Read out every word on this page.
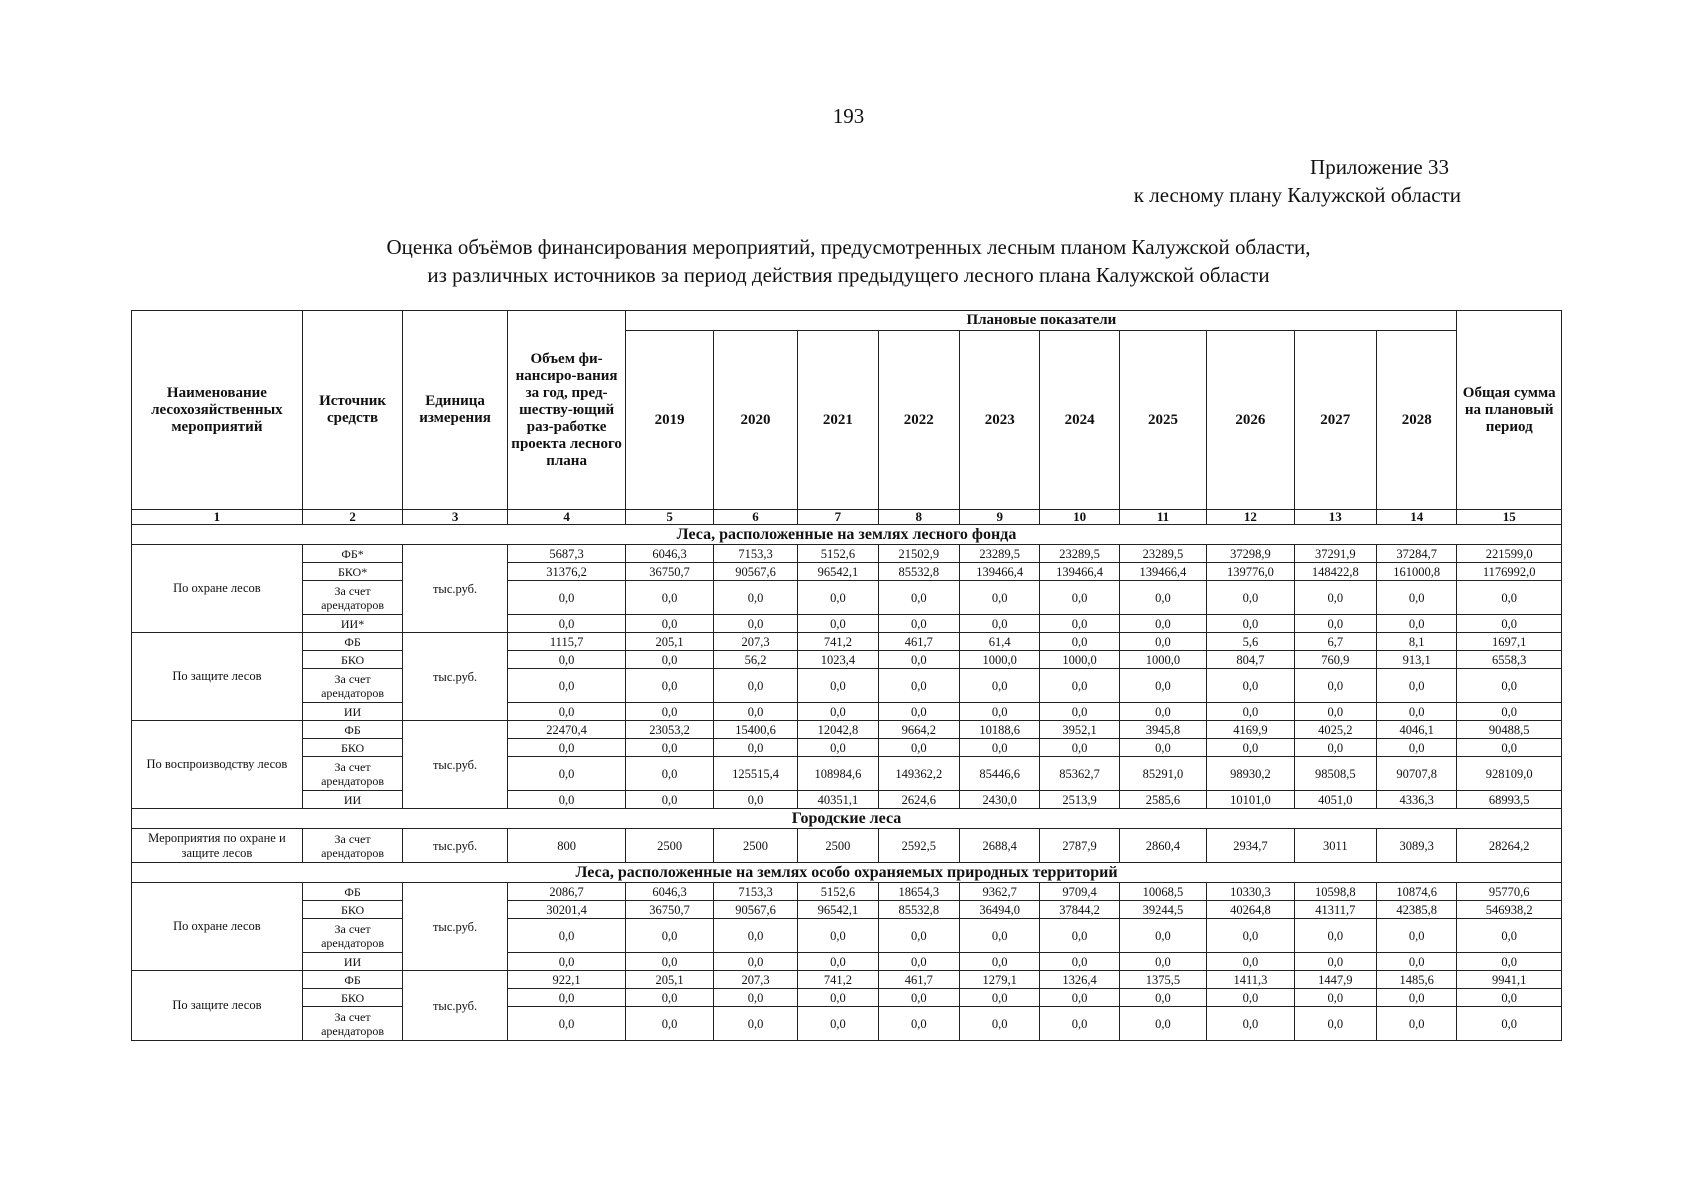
193
Приложение 33
к лесному плану Калужской области
Оценка объёмов финансирования мероприятий, предусмотренных лесным планом Калужской области,
из различных источников за период действия предыдущего лесного плана Калужской области
Наименование лесохозяйственных мероприятий	Источник средств	Единица измерения	Объем фи-нансиро-вания за год, пред-шеству-ющий раз-работке проекта лесного плана	Плановые показатели										Общая сумма на плановый период
				2019	2020	2021	2022	2023	2024	2025	2026	2027	2028	
1	2	3	4	5	6	7	8	9	10	11	12	13	14	15
Леса, расположенные на землях лесного фонда														
По охране лесов	ФБ*	тыс.руб.	5687,3	6046,3	7153,3	5152,6	21502,9	23289,5	23289,5	23289,5	37298,9	37291,9	37284,7	221599,0
	БКО*		31376,2	36750,7	90567,6	96542,1	85532,8	139466,4	139466,4	139466,4	139776,0	148422,8	161000,8	1176992,0
	За счет арендаторов		0,0	0,0	0,0	0,0	0,0	0,0	0,0	0,0	0,0	0,0	0,0	0,0
	ИИ*		0,0	0,0	0,0	0,0	0,0	0,0	0,0	0,0	0,0	0,0	0,0	0,0
По защите лесов	ФБ	тыс.руб.	1115,7	205,1	207,3	741,2	461,7	61,4	0,0	0,0	5,6	6,7	8,1	1697,1
	БКО		0,0	0,0	56,2	1023,4	0,0	1000,0	1000,0	1000,0	804,7	760,9	913,1	6558,3
	За счет арендаторов		0,0	0,0	0,0	0,0	0,0	0,0	0,0	0,0	0,0	0,0	0,0	0,0
	ИИ		0,0	0,0	0,0	0,0	0,0	0,0	0,0	0,0	0,0	0,0	0,0	0,0
По воспроизводству лесов	ФБ	тыс.руб.	22470,4	23053,2	15400,6	12042,8	9664,2	10188,6	3952,1	3945,8	4169,9	4025,2	4046,1	90488,5
	БКО		0,0	0,0	0,0	0,0	0,0	0,0	0,0	0,0	0,0	0,0	0,0	0,0
	За счет арендаторов		0,0	0,0	125515,4	108984,6	149362,2	85446,6	85362,7	85291,0	98930,2	98508,5	90707,8	928109,0
	ИИ		0,0	0,0	0,0	40351,1	2624,6	2430,0	2513,9	2585,6	10101,0	4051,0	4336,3	68993,5
Городские леса														
Мероприятия по охране и защите лесов	За счет арендаторов	тыс.руб.	800	2500	2500	2500	2592,5	2688,4	2787,9	2860,4	2934,7	3011	3089,3	28264,2
Леса, расположенные на землях особо охраняемых природных территорий														
По охране лесов	ФБ	тыс.руб.	2086,7	6046,3	7153,3	5152,6	18654,3	9362,7	9709,4	10068,5	10330,3	10598,8	10874,6	95770,6
	БКО		30201,4	36750,7	90567,6	96542,1	85532,8	36494,0	37844,2	39244,5	40264,8	41311,7	42385,8	546938,2
	За счет арендаторов		0,0	0,0	0,0	0,0	0,0	0,0	0,0	0,0	0,0	0,0	0,0	0,0
	ИИ		0,0	0,0	0,0	0,0	0,0	0,0	0,0	0,0	0,0	0,0	0,0	0,0
По защите лесов	ФБ	тыс.руб.	922,1	205,1	207,3	741,2	461,7	1279,1	1326,4	1375,5	1411,3	1447,9	1485,6	9941,1
	БКО		0,0	0,0	0,0	0,0	0,0	0,0	0,0	0,0	0,0	0,0	0,0	0,0
	За счет арендаторов		0,0	0,0	0,0	0,0	0,0	0,0	0,0	0,0	0,0	0,0	0,0	0,0
